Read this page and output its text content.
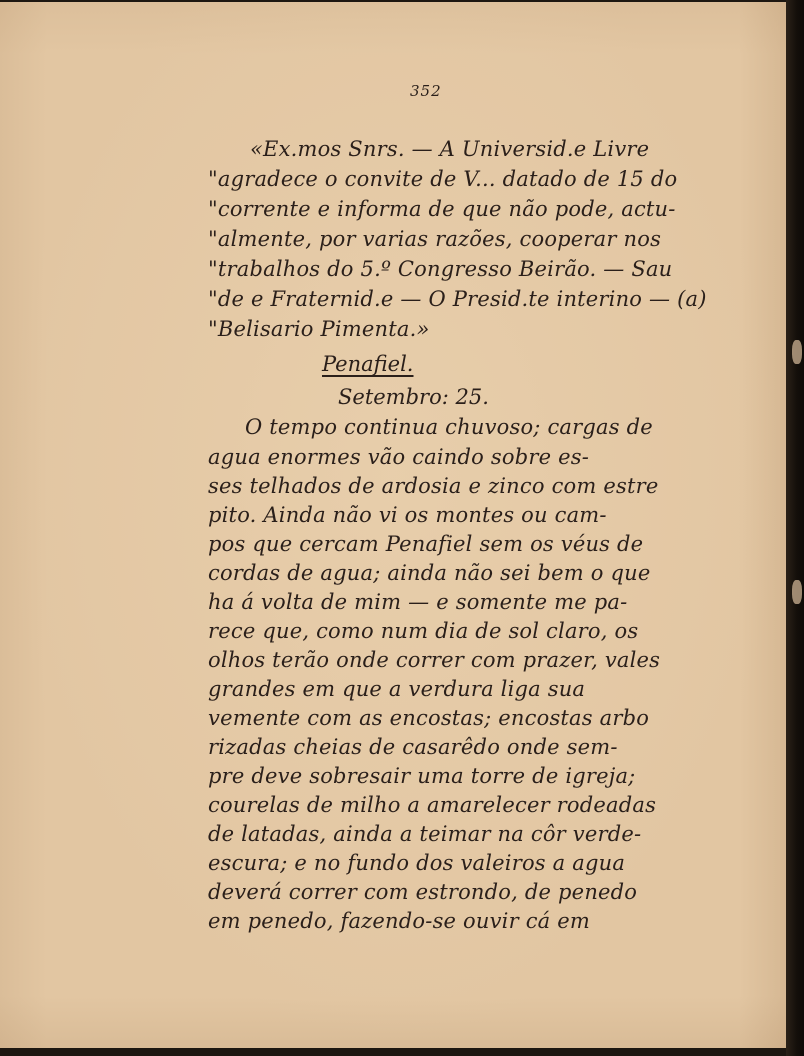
352
«Ex.mos Snrs. — A Universid.e Livre
"agradece o convite de V... datado de 15 do
"corrente e informa de que não pode, actu-
"almente, por varias razões, cooperar nos
"trabalhos do 5.º Congresso Beirão. — Sau
"de e Fraternid.e — O Presid.te interino — (a)
"Belisario Pimenta.»
Penafiel.
Setembro: 25.
O tempo continua chuvoso; cargas de
agua enormes vão caindo sobre es-
ses telhados de ardosia e zinco com estre
pito. Ainda não vi os montes ou cam-
pos que cercam Penafiel sem os véus de
cordas de agua; ainda não sei bem o que
ha á volta de mim — e somente me pa-
rece que, como num dia de sol claro, os
olhos terão onde correr com prazer, vales
grandes em que a verdura liga sua
vemente com as encostas; encostas arbo
rizadas cheias de casarêdo onde sem-
pre deve sobresair uma torre de igreja;
courelas de milho a amarelecer rodeadas
de latadas, ainda a teimar na côr verde-
escura; e no fundo dos valeiros a agua
deverá correr com estrondo, de penedo
em penedo, fazendo-se ouvir cá em
